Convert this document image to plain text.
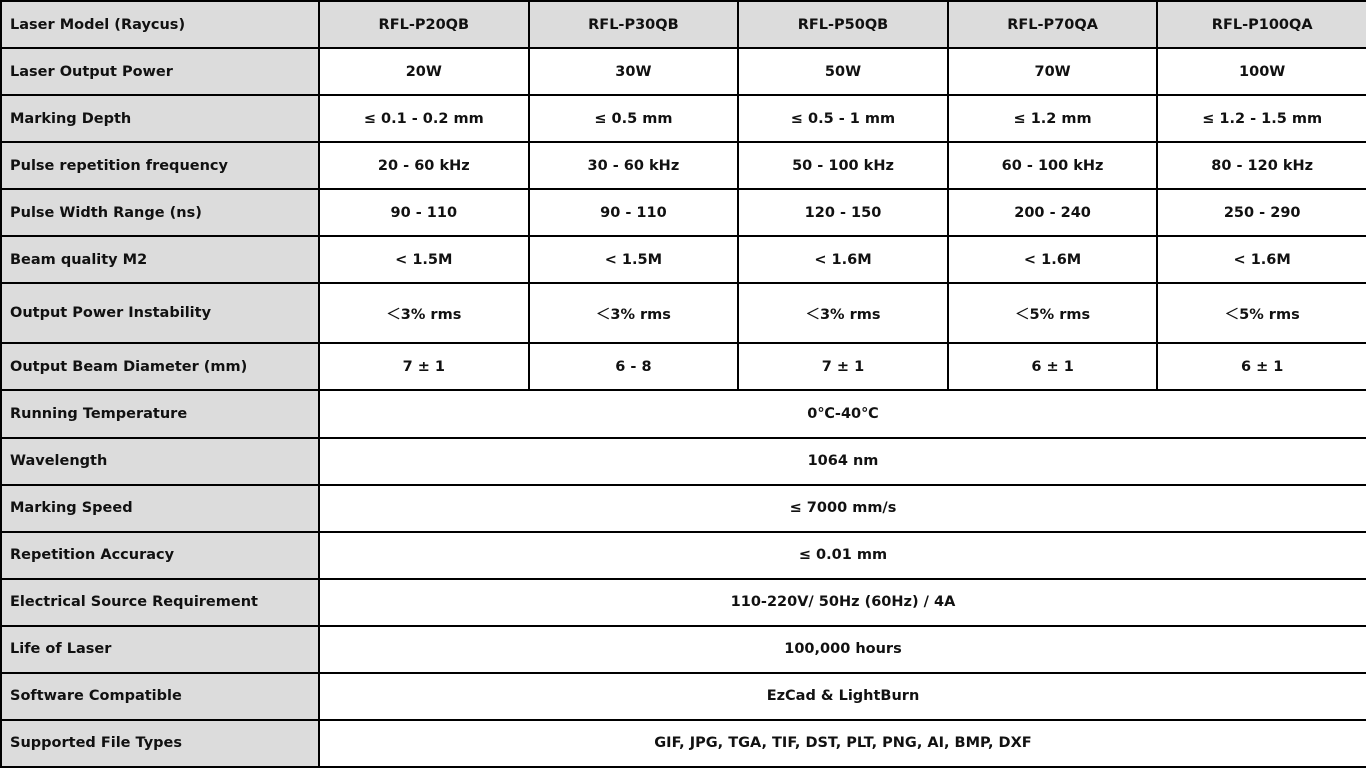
Laser Model (Raycus)	RFL-P20QB	RFL-P30QB	RFL-P50QB	RFL-P70QA	RFL-P100QA
Laser Output Power	20W	30W	50W	70W	100W
Marking Depth	≤ 0.1 - 0.2 mm	≤ 0.5 mm	≤ 0.5 - 1 mm	≤ 1.2 mm	≤ 1.2 - 1.5 mm
Pulse repetition frequency	20 - 60 kHz	30 - 60 kHz	50 - 100 kHz	60 - 100 kHz	80 - 120 kHz
Pulse Width Range (ns)	90 - 110	90 - 110	120 - 150	200 - 240	250 - 290
Beam quality M2	< 1.5M	< 1.5M	< 1.6M	< 1.6M	< 1.6M
Output Power Instability	＜3% rms	＜3% rms	＜3% rms	＜5% rms	＜5% rms
Output Beam Diameter (mm)	7 ± 1	6 - 8	7 ± 1	6 ± 1	6 ± 1
Running Temperature	0℃-40℃				
Wavelength	1064 nm				
Marking Speed	≤ 7000 mm/s				
Repetition Accuracy	≤ 0.01 mm				
Electrical Source Requirement	110-220V/ 50Hz (60Hz) / 4A				
Life of Laser	100,000 hours				
Software Compatible	EzCad & LightBurn				
Supported File Types	GIF, JPG, TGA, TIF, DST, PLT, PNG, AI, BMP, DXF				
